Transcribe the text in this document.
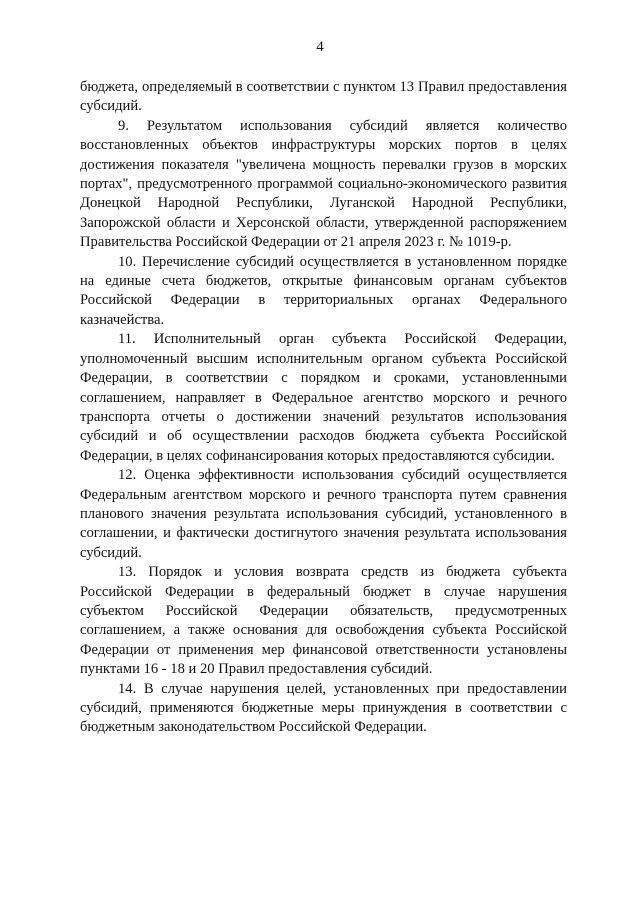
4

бюджета, определяемый в соответствии с пунктом 13 Правил предоставления субсидий.

9. Результатом использования субсидий является количество восстановленных объектов инфраструктуры морских портов в целях достижения показателя "увеличена мощность перевалки грузов в морских портах", предусмотренного программой социально-экономического развития Донецкой Народной Республики, Луганской Народной Республики, Запорожской области и Херсонской области, утвержденной распоряжением Правительства Российской Федерации от 21 апреля 2023 г. № 1019-р.

10. Перечисление субсидий осуществляется в установленном порядке на единые счета бюджетов, открытые финансовым органам субъектов Российской Федерации в территориальных органах Федерального казначейства.

11. Исполнительный орган субъекта Российской Федерации, уполномоченный высшим исполнительным органом субъекта Российской Федерации, в соответствии с порядком и сроками, установленными соглашением, направляет в Федеральное агентство морского и речного транспорта отчеты о достижении значений результатов использования субсидий и об осуществлении расходов бюджета субъекта Российской Федерации, в целях софинансирования которых предоставляются субсидии.

12. Оценка эффективности использования субсидий осуществляется Федеральным агентством морского и речного транспорта путем сравнения планового значения результата использования субсидий, установленного в соглашении, и фактически достигнутого значения результата использования субсидий.

13. Порядок и условия возврата средств из бюджета субъекта Российской Федерации в федеральный бюджет в случае нарушения субъектом Российской Федерации обязательств, предусмотренных соглашением, а также основания для освобождения субъекта Российской Федерации от применения мер финансовой ответственности установлены пунктами 16 - 18 и 20 Правил предоставления субсидий.

14. В случае нарушения целей, установленных при предоставлении субсидий, применяются бюджетные меры принуждения в соответствии с бюджетным законодательством Российской Федерации.
